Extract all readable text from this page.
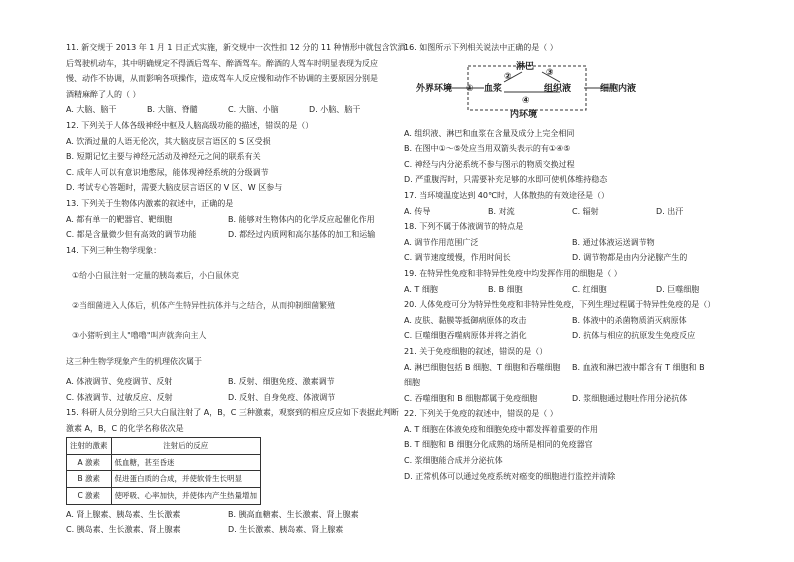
11. 新交规于 2013 年 1 月 1 日正式实施，新交规中一次性扣 12 分的 11 种情形中就包含饮酒

后驾驶机动车，其中明确规定不得酒后驾车、醉酒驾车。醉酒的人驾车时明显表现为反应

慢、动作不协调，从而影响各项操作，造成驾车人反应慢和动作不协调的主要原因分别是

酒精麻醉了人的（ ）

A. 大脑、脑干	B. 大脑、脊髓	C. 大脑、小脑	D. 小脑、脑干

12. 下列关于人体各级神经中枢及人脑高级功能的描述，错误的是（）

A. 饮酒过量的人语无伦次，其大脑皮层言语区的 S 区受损
B. 短期记忆主要与神经元活动及神经元之间的联系有关
C. 成年人可以有意识地憋尿，能体现神经系统的分级调节
D. 考试专心答题时，需要大脑皮层言语区的 V 区、W 区参与

13. 下列关于生物体内激素的叙述中，正确的是

A. 都有单一的靶器官、靶细胞	B. 能够对生物体内的化学反应起催化作用
C. 都是含量微少但有高效的调节功能	D. 都经过内质网和高尔基体的加工和运输

14. 下列三种生物学现象：

①给小白鼠注射一定量的胰岛素后，小白鼠休克

②当细菌进入人体后，机体产生特异性抗体并与之结合，从而抑制细菌繁殖

③小猪听到主人"噜噜"叫声就奔向主人

这三种生物学现象产生的机理依次属于

A. 体液调节、免疫调节、反射	B. 反射、细胞免疫、激素调节
C. 体液调节、过敏反应、反射	D. 反射、自身免疫、体液调节

15. 科研人员分别给三只大白鼠注射了 A，B，C 三种激素，观察到的相应反应如下表据此判断

激素 A，B，C 的化学名称依次是

注射的激素	注射后的反应
A 激素	低血糖，甚至昏迷
B 激素	促进蛋白质的合成，并使软骨生长明显
C 激素	使呼吸、心率加快，并使体内产生热量增加
A. 肾上腺素、胰岛素、生长激素	B. 胰高血糖素、生长激素、肾上腺素
C. 胰岛素、生长激素、肾上腺素	D. 生长激素、胰岛素、肾上腺素

16. 如图所示下列相关说法中正确的是（ ）

外界环境 ① 血浆
②
淋巴
③
组织液
④
细胞内液
内环境
A. 组织液、淋巴和血浆在含量及成分上完全相同
B. 在图中①～⑤处应当用双箭头表示的有①④⑤
C. 神经与内分泌系统不参与图示的物质交换过程
D. 严重腹泻时，只需要补充足够的水即可使机体维持稳态

17. 当环境温度达到 40℃时，人体散热的有效途径是（）

A. 传导	B. 对流	C. 辐射	D. 出汗

18. 下列不属于体液调节的特点是

A. 调节作用范围广泛	B. 通过体液运送调节物
C. 调节速度缓慢，作用时间长	D. 调节物都是由内分泌腺产生的

19. 在特异性免疫和非特异性免疫中均发挥作用的细胞是（ ）

A. T 细胞	B. B 细胞	C. 红细胞	D. 巨噬细胞

20. 人体免疫可分为特异性免疫和非特异性免疫，下列生理过程属于特异性免疫的是（）

A. 皮肤、黏膜等抵御病原体的攻击	B. 体液中的杀菌物质消灭病原体
C. 巨噬细胞吞噬病原体并将之消化	D. 抗体与相应的抗原发生免疫反应

21. 关于免疫细胞的叙述，错误的是（）

A. 淋巴细胞包括 B 细胞、T 细胞和吞噬细胞	B. 血液和淋巴液中都含有 T 细胞和 B
细胞
C. 吞噬细胞和 B 细胞都属于免疫细胞	D. 浆细胞通过胞吐作用分泌抗体

22. 下列关于免疫的叙述中，错误的是（ ）

A. T 细胞在体液免疫和细胞免疫中都发挥着重要的作用
B. T 细胞和 B 细胞分化成熟的场所是相同的免疫器官
C. 浆细胞能合成并分泌抗体
D. 正常机体可以通过免疫系统对癌变的细胞进行监控并清除
